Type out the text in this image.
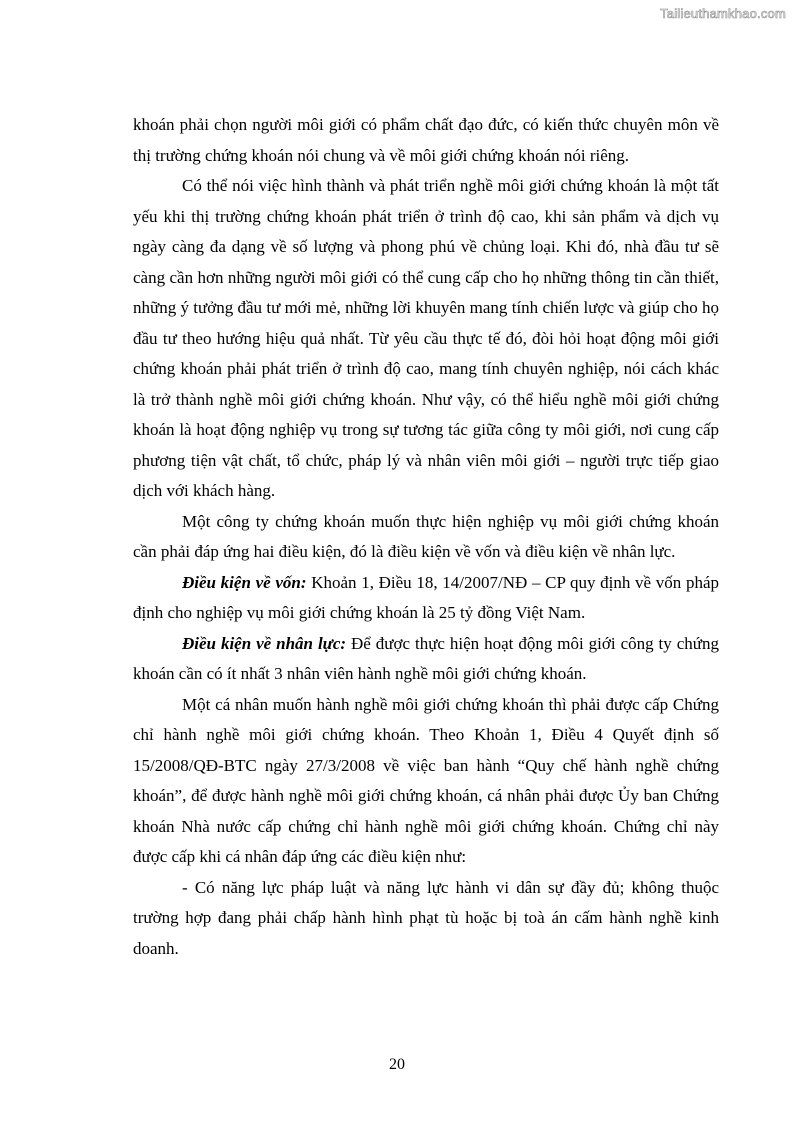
Tailieuthamkhao.com

khoán phải chọn người môi giới có phẩm chất đạo đức, có kiến thức chuyên môn về thị trường chứng khoán nói chung và về môi giới chứng khoán nói riêng.

Có thể nói việc hình thành và phát triển nghề môi giới chứng khoán là một tất yếu khi thị trường chứng khoán phát triển ở trình độ cao, khi sản phẩm và dịch vụ ngày càng đa dạng về số lượng và phong phú về chủng loại. Khi đó, nhà đầu tư sẽ càng cần hơn những người môi giới có thể cung cấp cho họ những thông tin cần thiết, những ý tưởng đầu tư mới mẻ, những lời khuyên mang tính chiến lược và giúp cho họ đầu tư theo hướng hiệu quả nhất. Từ yêu cầu thực tế đó, đòi hỏi hoạt động môi giới chứng khoán phải phát triển ở trình độ cao, mang tính chuyên nghiệp, nói cách khác là trở thành nghề môi giới chứng khoán. Như vậy, có thể hiểu nghề môi giới chứng khoán là hoạt động nghiệp vụ trong sự tương tác giữa công ty môi giới, nơi cung cấp phương tiện vật chất, tổ chức, pháp lý và nhân viên môi giới – người trực tiếp giao dịch với khách hàng.

Một công ty chứng khoán muốn thực hiện nghiệp vụ môi giới chứng khoán cần phải đáp ứng hai điều kiện, đó là điều kiện về vốn và điều kiện về nhân lực.

Điều kiện về vốn: Khoản 1, Điều 18, 14/2007/NĐ – CP quy định về vốn pháp định cho nghiệp vụ môi giới chứng khoán là 25 tỷ đồng Việt Nam.

Điều kiện về nhân lực: Để được thực hiện hoạt động môi giới công ty chứng khoán cần có ít nhất 3 nhân viên hành nghề môi giới chứng khoán.

Một cá nhân muốn hành nghề môi giới chứng khoán thì phải được cấp Chứng chỉ hành nghề môi giới chứng khoán. Theo Khoản 1, Điều 4 Quyết định số 15/2008/QĐ-BTC ngày 27/3/2008 về việc ban hành “Quy chế hành nghề chứng khoán”, để được hành nghề môi giới chứng khoán, cá nhân phải được Ủy ban Chứng khoán Nhà nước cấp chứng chỉ hành nghề môi giới chứng khoán. Chứng chỉ này được cấp khi cá nhân đáp ứng các điều kiện như:

- Có năng lực pháp luật và năng lực hành vi dân sự đầy đủ; không thuộc trường hợp đang phải chấp hành hình phạt tù hoặc bị toà án cấm hành nghề kinh doanh.

20
